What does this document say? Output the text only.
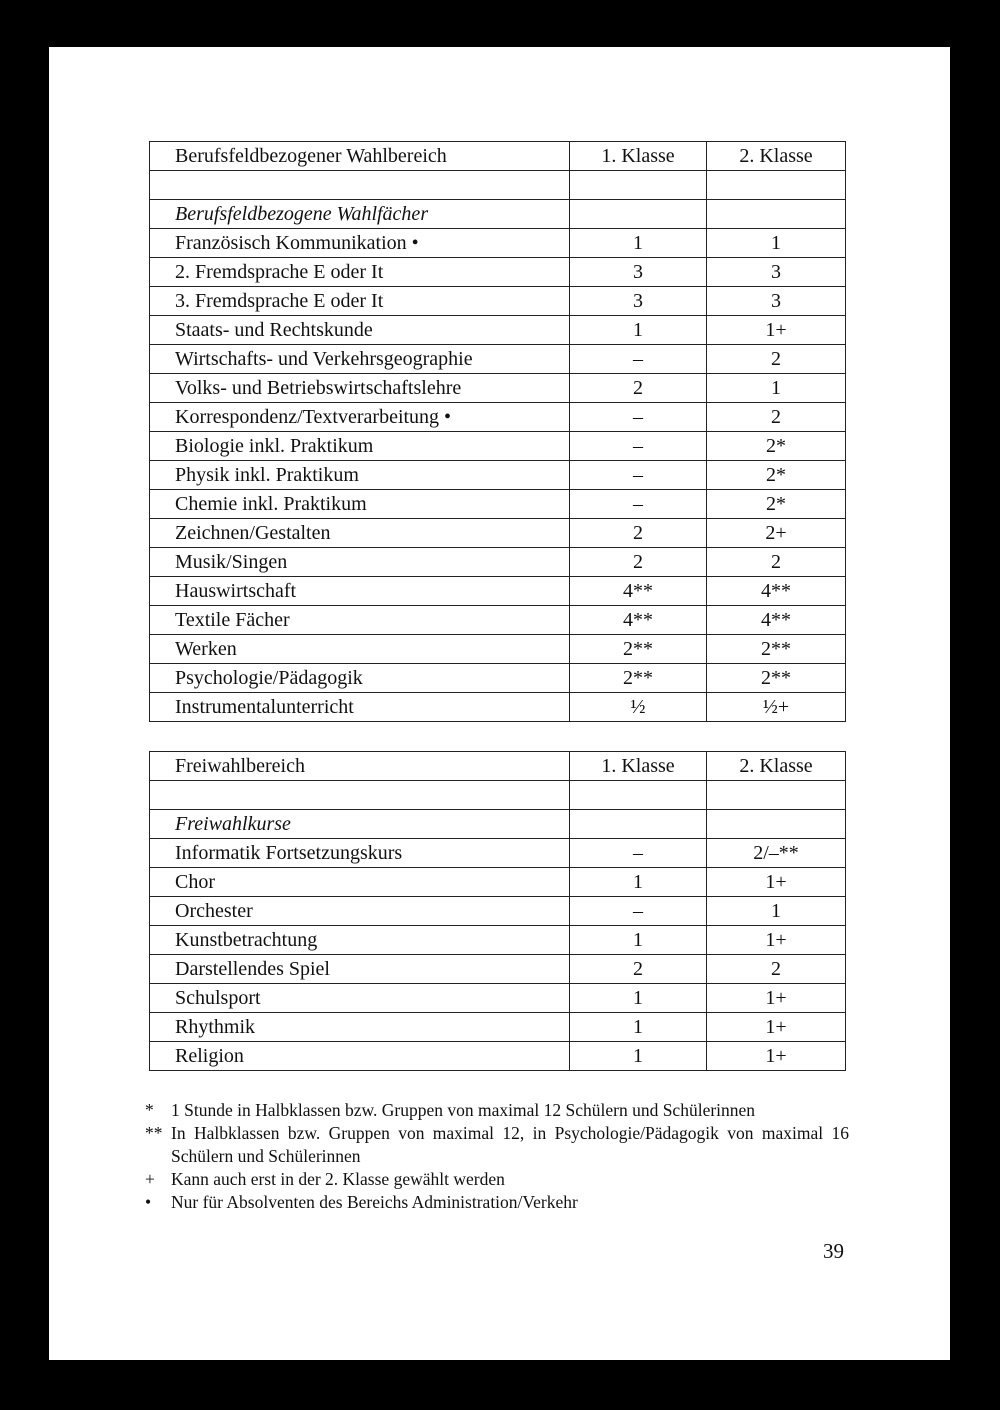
Berufsfeldbezogener Wahlbereich	1. Klasse	2. Klasse

Berufsfeldbezogene Wahlfächer		
Französisch Kommunikation •	1	1
2. Fremdsprache E oder It	3	3
3. Fremdsprache E oder It	3	3
Staats- und Rechtskunde	1	1+
Wirtschafts- und Verkehrsgeographie	–	2
Volks- und Betriebswirtschaftslehre	2	1
Korrespondenz/Textverarbeitung •	–	2
Biologie inkl. Praktikum	–	2*
Physik inkl. Praktikum	–	2*
Chemie inkl. Praktikum	–	2*
Zeichnen/Gestalten	2	2+
Musik/Singen	2	2
Hauswirtschaft	4**	4**
Textile Fächer	4**	4**
Werken	2**	2**
Psychologie/Pädagogik	2**	2**
Instrumentalunterricht	½	½+
Freiwahlbereich	1. Klasse	2. Klasse

Freiwahlkurse		
Informatik Fortsetzungskurs	–	2/–**
Chor	1	1+
Orchester	–	1
Kunstbetrachtung	1	1+
Darstellendes Spiel	2	2
Schulsport	1	1+
Rhythmik	1	1+
Religion	1	1+
* 1 Stunde in Halbklassen bzw. Gruppen von maximal 12 Schülern und Schülerinnen
** In Halbklassen bzw. Gruppen von maximal 12, in Psychologie/Pädagogik von maximal 16 Schülern und Schülerinnen
+ Kann auch erst in der 2. Klasse gewählt werden
•	Nur für Absolventen des Bereichs Administration/Verkehr
39
